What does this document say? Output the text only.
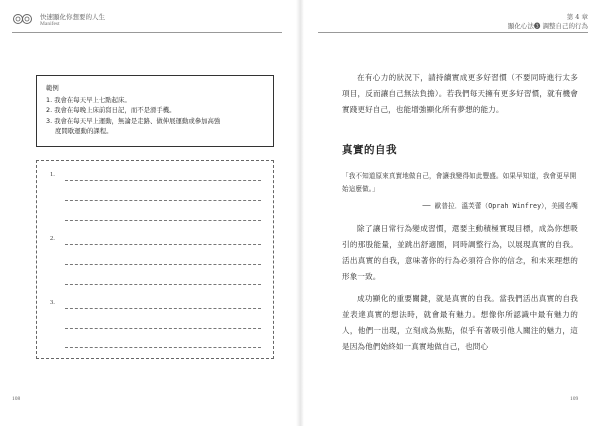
快速顯化你想要的人生
Manifest
第 4 章
顯化心法❸ 調整自己的行為
範例
1. 我會在每天早上七點起床。
2. 我會在每晚上床前寫日記，而不是滑手機。
3. 我會在每天早上運動，無論是走路、做伸展運動或參加高強
度間歇運動的課程。
1.
2.
3.
108

在有心力的狀況下，請持續實成更多好習慣（不要同時進行太多項目，反而讓自己無法負擔）。若我們每天擁有更多好習慣，就有機會實踐更好自己，也能增強顯化所有夢想的能力。

真實的自我
「我不知道原來真實地做自己，會讓我變得如此豐盛。如果早知道，我會更早開始這麼做。」
── 歐普拉．溫芙蕾（Oprah Winfrey），美國名嘴

除了讓日常行為變成習慣，還要主動積極實現目標，成為你想吸引的那股能量，並跳出舒適圈，同時調整行為，以展現真實的自我。活出真實的自我，意味著你的行為必須符合你的信念，和未來理想的形象一致。

成功顯化的重要關鍵，就是真實的自我。當我們活出真實的自我並表達真實的想法時，就會最有魅力。想像你所認識中最有魅力的人，他們一出現，立刻成為焦點，似乎有著吸引他人關注的魅力，這是因為他們始終如一真實地做自己，也問心

109
